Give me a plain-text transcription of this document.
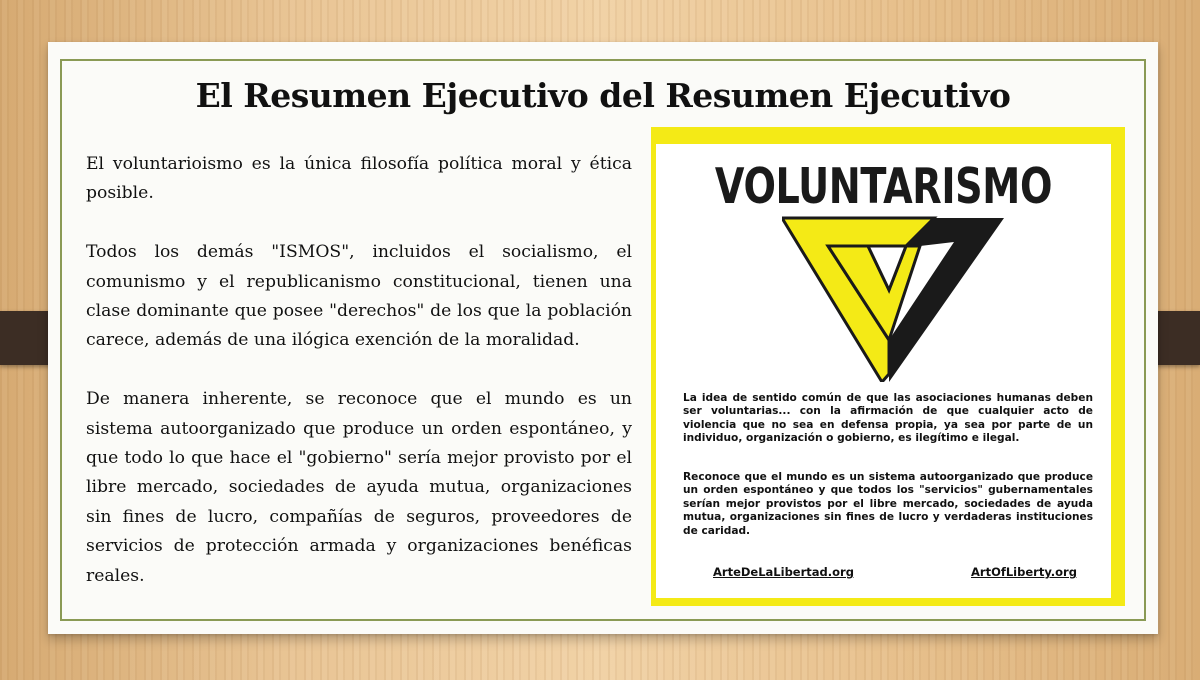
El Resumen Ejecutivo del Resumen Ejecutivo

El voluntarioismo es la única filosofía política moral y ética posible.

Todos los demás "ISMOS", incluidos el socialismo, el comunismo y el republicanismo constitucional, tienen una clase dominante que posee "derechos" de los que la población carece, además de una ilógica exención de la moralidad.

De manera inherente, se reconoce que el mundo es un sistema autoorganizado que produce un orden espontáneo, y que todo lo que hace el "gobierno" sería mejor provisto por el libre mercado, sociedades de ayuda mutua, organizaciones sin fines de lucro, compañías de seguros, proveedores de servicios de protección armada y organizaciones benéficas reales.

VOLUNTARISMO
La idea de sentido común de que las asociaciones humanas deben ser voluntarias... con la afirmación de que cualquier acto de violencia que no sea en defensa propia, ya sea por parte de un individuo, organización o gobierno, es ilegítimo e ilegal.
Reconoce que el mundo es un sistema autoorganizado que produce un orden espontáneo y que todos los "servicios" gubernamentales serían mejor provistos por el libre mercado, sociedades de ayuda mutua, organizaciones sin fines de lucro y verdaderas instituciones de caridad.
ArteDeLaLibertad.org	ArtOfLiberty.org
